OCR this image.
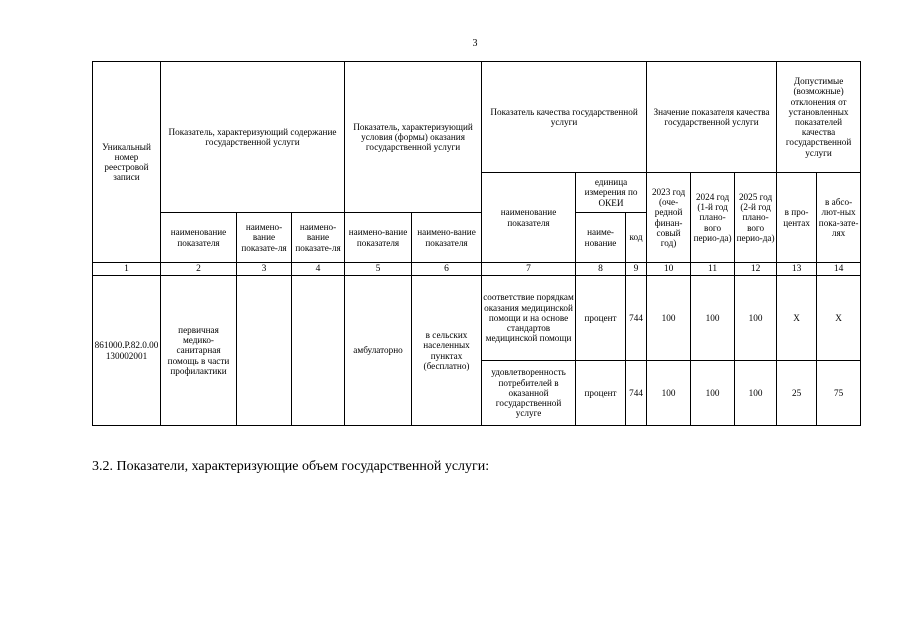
3
Уникальный номер реестровой записи	Показатель, характеризующий содержание государственной услуги			Показатель, характеризующий условия (формы) оказания государственной услуги		Показатель качества государственной услуги			Значение показателя качества государственной услуги			Допустимые (возможные) отклонения от установленных показателей качества государственной услуги	
						наименование показателя	единица измерения по ОКЕИ		2023 год (оче-редной финан-совый год)	2024 год (1-й год плано-вого перио-да)	2025 год (2-й год плано-вого перио-да)	в про-центах	в абсо-лют-ных пока-зате-лях
	наименование показателя	наимено-вание показате-ля	наимено-вание показате-ля	наимено-вание показателя	наимено-вание показателя		наиме-нование	код					
1	2	3	4	5	6	7	8	9	10	11	12	13	14
861000.Р.82.0.00130002001	первичная медико-санитарная помощь в части профилактики			амбулаторно	в сельских населенных пунктах (бесплатно)	соответствие порядкам оказания медицинской помощи и на основе стандартов медицинской помощи	процент	744	100	100	100	Х	Х
						удовлетворенность потребителей в оказанной государственной услуге	процент	744	100	100	100	25	75
3.2. Показатели, характеризующие объем государственной услуги:
